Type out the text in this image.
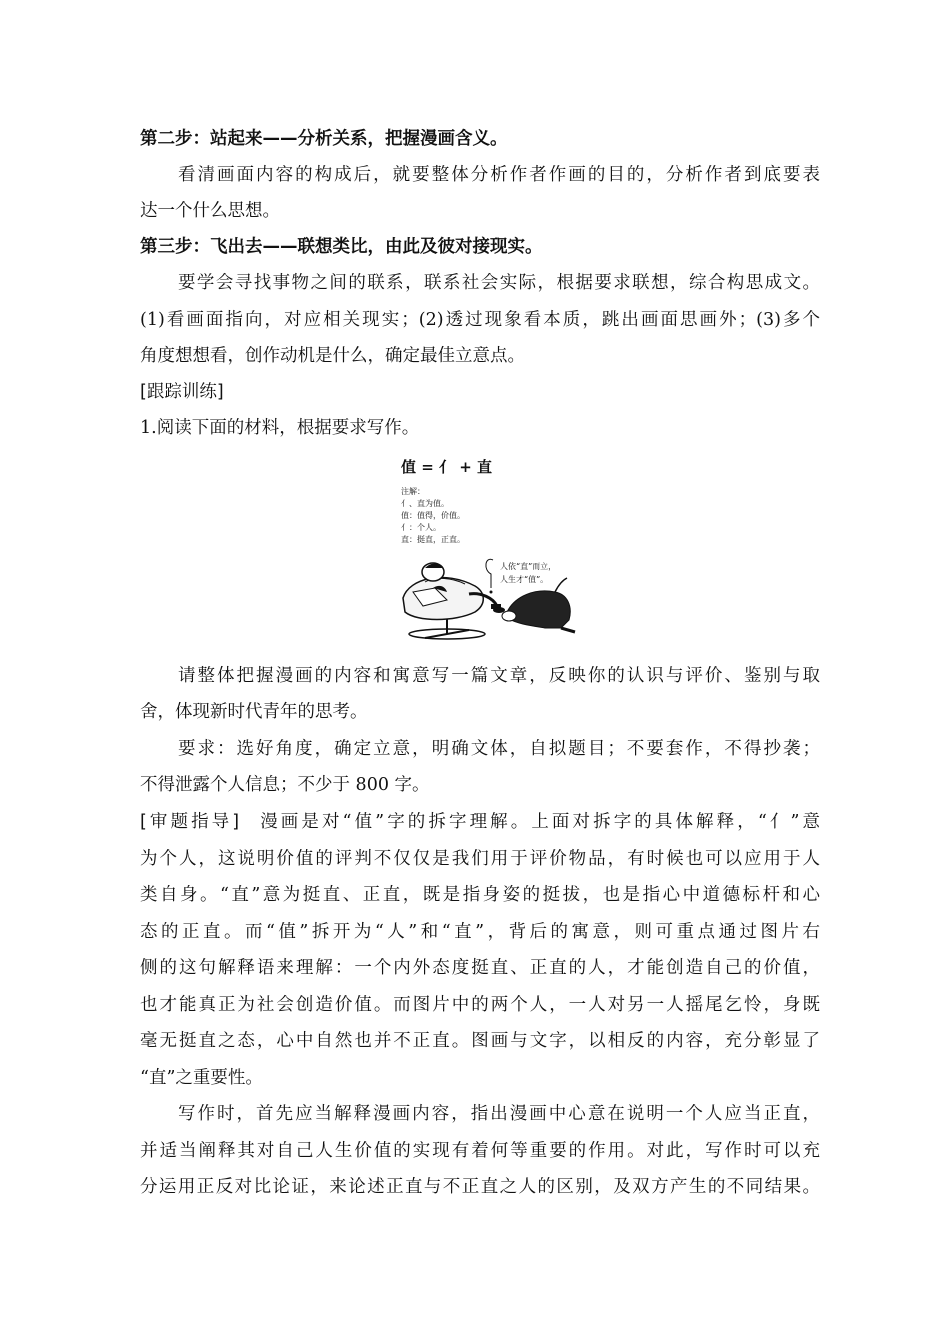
第二步：站起来——分析关系，把握漫画含义。
看清画面内容的构成后，就要整体分析作者作画的目的，分析作者到底要表
达一个什么思想。
第三步：飞出去——联想类比，由此及彼对接现实。
要学会寻找事物之间的联系，联系社会实际，根据要求联想，综合构思成文。
(1)看画面指向，对应相关现实；(2)透过现象看本质，跳出画面思画外；(3)多个
角度想想看，创作动机是什么，确定最佳立意点。
[跟踪训练]
1.阅读下面的材料，根据要求写作。
值 = 亻 + 直
注解：
亻、直为值。
值：值得，价值。
亻：个人。
直：挺直，正直。
人依“直”而立，
人生才“值”。
请整体把握漫画的内容和寓意写一篇文章，反映你的认识与评价、鉴别与取
舍，体现新时代青年的思考。
要求：选好角度，确定立意，明确文体，自拟题目；不要套作，不得抄袭；
不得泄露个人信息；不少于 800 字。
[审题指导] 漫画是对“值”字的拆字理解。上面对拆字的具体解释，“亻”意
为个人，这说明价值的评判不仅仅是我们用于评价物品，有时候也可以应用于人
类自身。“直”意为挺直、正直，既是指身姿的挺拔，也是指心中道德标杆和心
态的正直。而“值”拆开为“人”和“直”，背后的寓意，则可重点通过图片右
侧的这句解释语来理解：一个内外态度挺直、正直的人，才能创造自己的价值，
也才能真正为社会创造价值。而图片中的两个人，一人对另一人摇尾乞怜，身既
毫无挺直之态，心中自然也并不正直。图画与文字，以相反的内容，充分彰显了
“直”之重要性。
写作时，首先应当解释漫画内容，指出漫画中心意在说明一个人应当正直，
并适当阐释其对自己人生价值的实现有着何等重要的作用。对此，写作时可以充
分运用正反对比论证，来论述正直与不正直之人的区别，及双方产生的不同结果。
